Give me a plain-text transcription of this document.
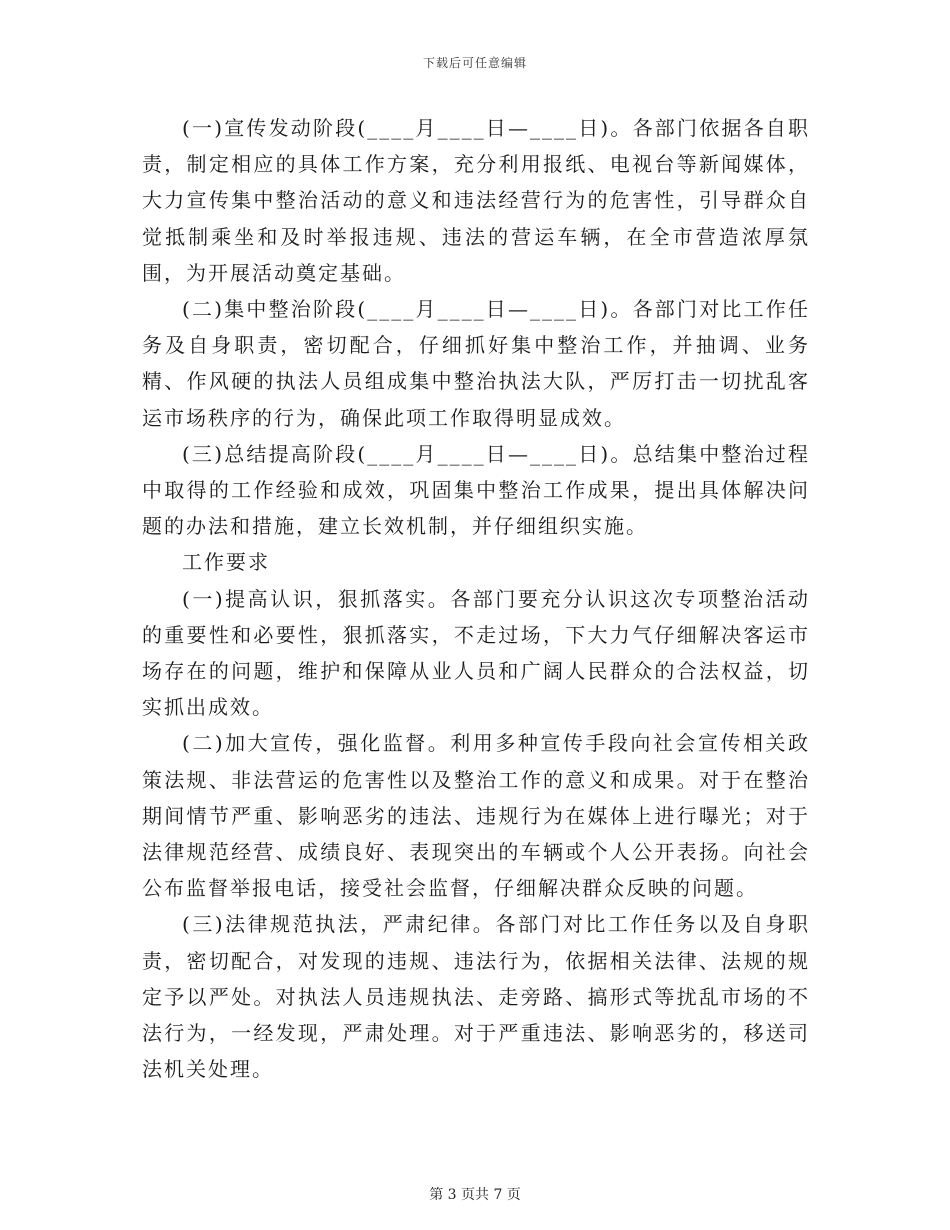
下载后可任意编辑

(一)宣传发动阶段(____月____日—____日)。各部门依据各自职责，制定相应的具体工作方案，充分利用报纸、电视台等新闻媒体，大力宣传集中整治活动的意义和违法经营行为的危害性，引导群众自觉抵制乘坐和及时举报违规、违法的营运车辆，在全市营造浓厚氛围，为开展活动奠定基础。

(二)集中整治阶段(____月____日—____日)。各部门对比工作任务及自身职责，密切配合，仔细抓好集中整治工作，并抽调、业务精、作风硬的执法人员组成集中整治执法大队，严厉打击一切扰乱客运市场秩序的行为，确保此项工作取得明显成效。

(三)总结提高阶段(____月____日—____日)。总结集中整治过程中取得的工作经验和成效，巩固集中整治工作成果，提出具体解决问题的办法和措施，建立长效机制，并仔细组织实施。

工作要求

(一)提高认识，狠抓落实。各部门要充分认识这次专项整治活动的重要性和必要性，狠抓落实，不走过场，下大力气仔细解决客运市场存在的问题，维护和保障从业人员和广阔人民群众的合法权益，切实抓出成效。

(二)加大宣传，强化监督。利用多种宣传手段向社会宣传相关政策法规、非法营运的危害性以及整治工作的意义和成果。对于在整治期间情节严重、影响恶劣的违法、违规行为在媒体上进行曝光；对于法律规范经营、成绩良好、表现突出的车辆或个人公开表扬。向社会公布监督举报电话，接受社会监督，仔细解决群众反映的问题。

(三)法律规范执法，严肃纪律。各部门对比工作任务以及自身职责，密切配合，对发现的违规、违法行为，依据相关法律、法规的规定予以严处。对执法人员违规执法、走旁路、搞形式等扰乱市场的不法行为，一经发现，严肃处理。对于严重违法、影响恶劣的，移送司法机关处理。

第 3 页共 7 页
